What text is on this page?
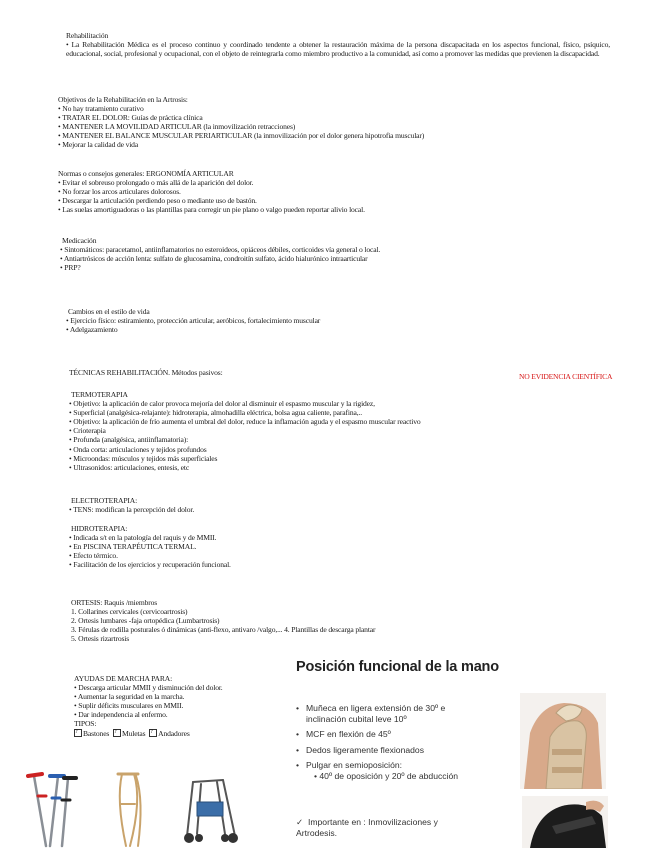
Rehabilitación
• La Rehabilitación Médica es el proceso continuo y coordinado tendente a obtener la restauración máxima de la persona discapacitada en los aspectos funcional, físico, psíquico, educacional, social, profesional y ocupacional, con el objeto de reintegrarla como miembro productivo a la comunidad, así como a promover las medidas que previenen la discapacidad.
Objetivos de la Rehabilitación en la Artrosis:
• No hay tratamiento curativo
• TRATAR EL DOLOR: Guías de práctica clínica
• MANTENER LA MOVILIDAD ARTICULAR (la inmovilización retracciones)
• MANTENER EL BALANCE MUSCULAR PERIARTICULAR (la inmovilización por el dolor genera hipotrofia muscular)
• Mejorar la calidad de vida
Normas o consejos generales: ERGONOMÍA ARTICULAR
• Evitar el sobreuso prolongado o más allá de la aparición del dolor.
• No forzar los arcos articulares dolorosos.
• Descargar la articulación perdiendo peso o mediante uso de bastón.
• Las suelas amortiguadoras o las plantillas para corregir un pie plano o valgo pueden reportar alivio local.
Medicación
• Sintomáticos: paracetamol, antiinflamatorios no esteroideos, opiáceos débiles, corticoides vía general o local.
• Antiartrósicos de acción lenta: sulfato de glucosamina, condroitín sulfato, ácido hialurónico intraarticular
• PRP?
Cambios en el estilo de vida
• Ejercicio físico: estiramiento, protección articular, aeróbicos, fortalecimiento muscular
• Adelgazamiento
TÉCNICAS REHABILITACIÓN. Métodos pasivos:	NO EVIDENCIA CIENTÍFICA
TERMOTERAPIA
• Objetivo: la aplicación de calor provoca mejoría del dolor al disminuir el espasmo muscular y la rigidez,
• Superficial (analgésica-relajante): hidroterapia, almohadilla eléctrica, bolsa agua caliente, parafina,..
• Objetivo: la aplicación de frío aumenta el umbral del dolor, reduce la inflamación aguda y el espasmo muscular reactivo
• Crioterapia
• Profunda (analgésica, antiinflamatoria):
• Onda corta: articulaciones y tejidos profundos
• Microondas: músculos y tejidos más superficiales
• Ultrasonidos: articulaciones, entesis, etc
ELECTROTERAPIA:
• TENS: modifican la percepción del dolor.
HIDROTERAPIA:
• Indicada s/t en la patología del raquis y de MMII.
• En PISCINA TERAPÉUTICA TERMAL.
• Efecto térmico.
• Facilitación de los ejercicios y recuperación funcional.
ORTESIS: Raquis /miembros
1. Collarines cervicales (cervicoartrosis)
2. Ortesis lumbares -faja ortopédica (Lumbartrosis)
3. Férulas de rodilla posturales ó dinámicas (anti-flexo, antivaro /valgo,... 4. Plantillas de descarga plantar
5. Ortesis rizartrosis
AYUDAS DE MARCHA PARA:
• Descarga articular MMII y disminución del dolor.
• Aumentar la seguridad en la marcha.
• Suplir déficits musculares en MMII.
• Dar independencia al enfermo.
TIPOS:
?Bastones ? Muletas ? Andadores
Posición funcional de la mano
• Muñeca en ligera extensión de 30º e
inclinación cubital leve 10º
• MCF en flexión de 45º
• Dedos ligeramente flexionados
• Pulgar en semioposición:
• 40º de oposición y 20º de abducción
✓ Importante en : Inmovilizaciones y
Artrodesis.
